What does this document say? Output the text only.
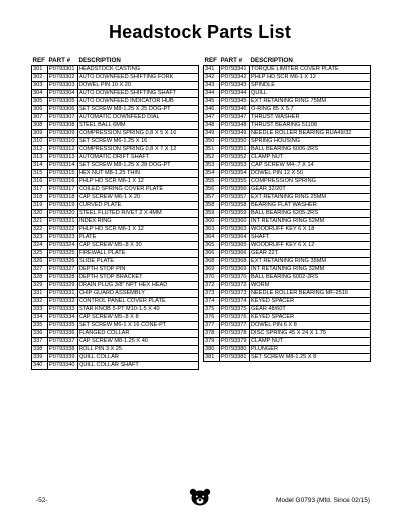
Headstock Parts List
REF	PART #	DESCRIPTION
301	P0793301	HEADSTOCK CASTING
302	P0793302	AUTO DOWNFEED SHIFTING FORK
303	P0793303	DOWEL PIN 10 X 20
304	P0793304	AUTO DOWNFEED SHIFTING SHAFT
305	P0793305	AUTO DOWNFEED INDICATOR HUB
306	P0793306	SET SCREW M8-1.25 X 25 DOG-PT
307	P0793307	AUTOMATIC DOWNFEED DIAL
308	P0793308	STEEL BALL 6MM
309	P0793309	COMPRESSION SPRING 0.8 X 5 X 16
310	P0793310	SET SCREW M6-1.25 X 16
312	P0793312	COMPRESSION SPRING 0.8 X 7 X 12
313	P0793313	AUTOMATIC DRIFT SHAFT
314	P0793314	SET SCREW M8-1.25 X 28 DOG-PT
315	P0793315	HEX NUT M8-1.25 THIN
316	P0793316	PHLP HD SCR M6-1 X 12
317	P0793317	COILED SPRING COVER PLATE
318	P0793318	CAP SCREW M6-1 X 20
319	P0793319	CURVED PLATE
320	P0793320	STEEL FLUTED RIVET 2 X 4MM
321	P0793321	INDEX RING
322	P0793322	PHLP HD SCR M6-1 X 12
323	P0793323	PLATE
324	P0793324	CAP SCREW M5-.8 X 30
325	P0793325	FIREWALL PLATE
326	P0793326	SLIDE PLATE
327	P0793327	DEPTH STOP PIN
328	P0793328	DEPTH STOP BRACKET
329	P0793329	DRAIN PLUG 3/8" NPT HEX HEAD
331	P0793331	CHIP GUARD ASSEMBLY
332	P0793332	CONTROL PANEL COVER PLATE
333	P0793333	STAR KNOB 5-PT M10-1.5 X 40
334	P0793334	CAP SCREW M5-.8 X 8
335	P0793335	SET SCREW M6-1 X 16 CONE-PT
336	P0793336	FLANGED COLLAR
337	P0793337	CAP SCREW M8-1.25 X 40
338	P0793338	ROLL PIN 3 X 25
339	P0793339	QUILL COLLAR
340	P0793340	QUILL COLLAR SHAFT
REF	PART #	DESCRIPTION
341	P0793341	TORQUE LIMITER COVER PLATE
342	P0793342	PHLP HD SCR M6-1 X 12
343	P0793343	SPINDLE
344	P0793344	QUILL
345	P0793345	EXT RETAINING RING 75MM
346	P0793346	O-RING 85 X 5.7
347	P0793347	THRUST WASHER
348	P0793348	THRUST BEARING 51108
349	P0793349	NEEDLE ROLLER BEARING RUA49/32
350	P0793350	SPRING HOUSING
351	P0793351	BALL BEARING 6006-2RS
352	P0793352	CLAMP NUT
353	P0793353	CAP SCREW M4-.7 X 14
354	P0793354	DOWEL PIN 12 X 50
355	P0793355	COMPRESSION SPRING
356	P0793356	GEAR 32/20T
357	P0793357	EXT RETAINING RING 25MM
358	P0793358	BEARING FLAT WASHER
359	P0793359	BALL BEARING 6205-2RS
360	P0793360	INT RETAINING RING 52MM
363	P0793363	WOODRUFF KEY 6 X 18
364	P0793364	SHAFT
365	P0793365	WOODRUFF KEY 6 X 12
366	P0793366	GEAR 22T
368	P0793368	EXT RETAINING RING 35MM
369	P0793369	INT RETAINING RING 32MM
370	P0793370	BALL BEARING 6002-2RS
372	P0793372	WORM
373	P0793373	NEEDLE ROLLER BEARING MF-2516
374	P0793374	KEYED SPACER
375	P0793375	GEAR 48/60T
376	P0793376	KEYED SPACER
377	P0793377	DOWEL PIN 6 X 8
378	P0793378	DISC SPRING 45 X 24 X 1.75
379	P0793379	CLAMP NUT
380	P0793380	PLUNGER
381	P0793381	SET SCREW M8-1.25 X 8
-52-	Model G0793 (Mfd. Since 02/15)
